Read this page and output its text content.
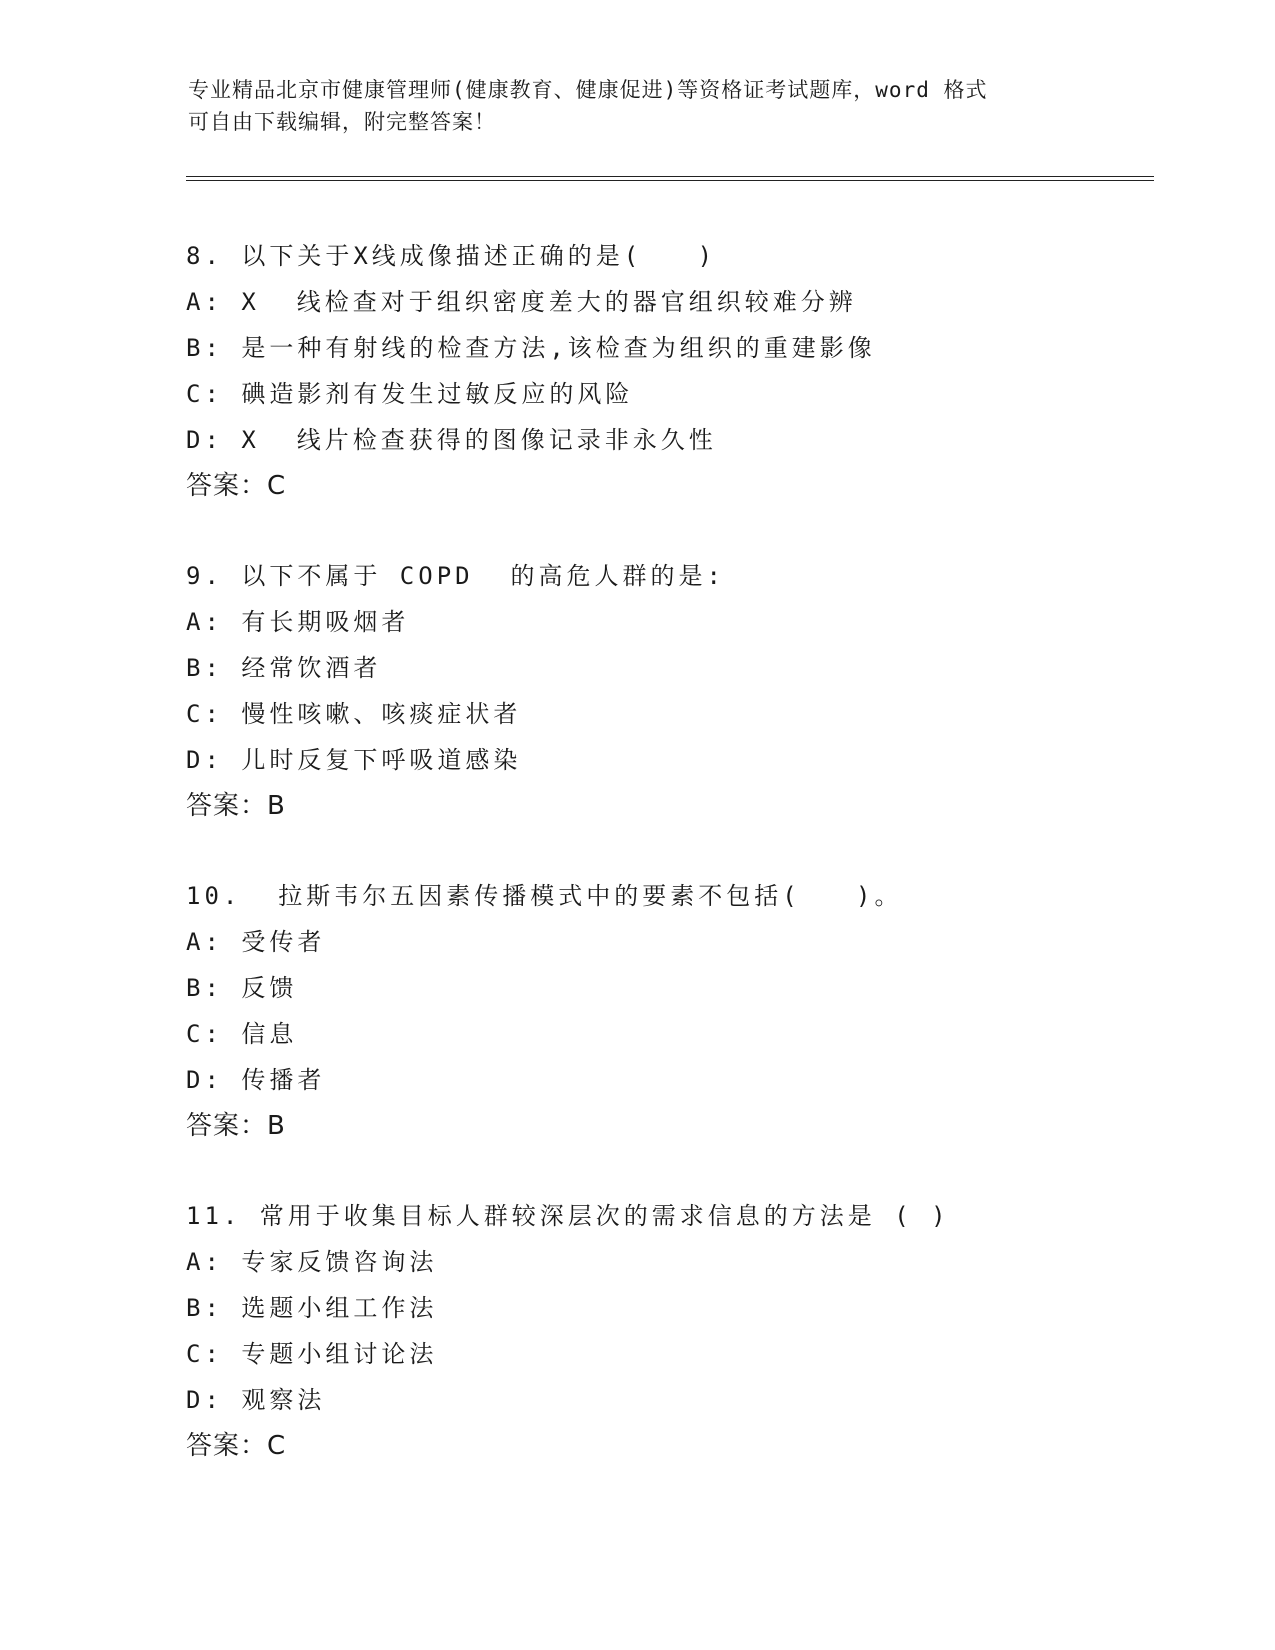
专业精品北京市健康管理师(健康教育、健康促进)等资格证考试题库，word 格式
可自由下载编辑，附完整答案！
8. 以下关于X线成像描述正确的是(   )
A: X  线检查对于组织密度差大的器官组织较难分辨
B: 是一种有射线的检查方法,该检查为组织的重建影像
C: 碘造影剂有发生过敏反应的风险
D: X  线片检查获得的图像记录非永久性
答案：C
9. 以下不属于 COPD  的高危人群的是:
A: 有长期吸烟者
B: 经常饮酒者
C: 慢性咳嗽、咳痰症状者
D: 儿时反复下呼吸道感染
答案：B
10.  拉斯韦尔五因素传播模式中的要素不包括(   )。
A: 受传者
B: 反馈
C: 信息
D: 传播者
答案：B
11. 常用于收集目标人群较深层次的需求信息的方法是 ( )
A: 专家反馈咨询法
B: 选题小组工作法
C: 专题小组讨论法
D: 观察法
答案：C
